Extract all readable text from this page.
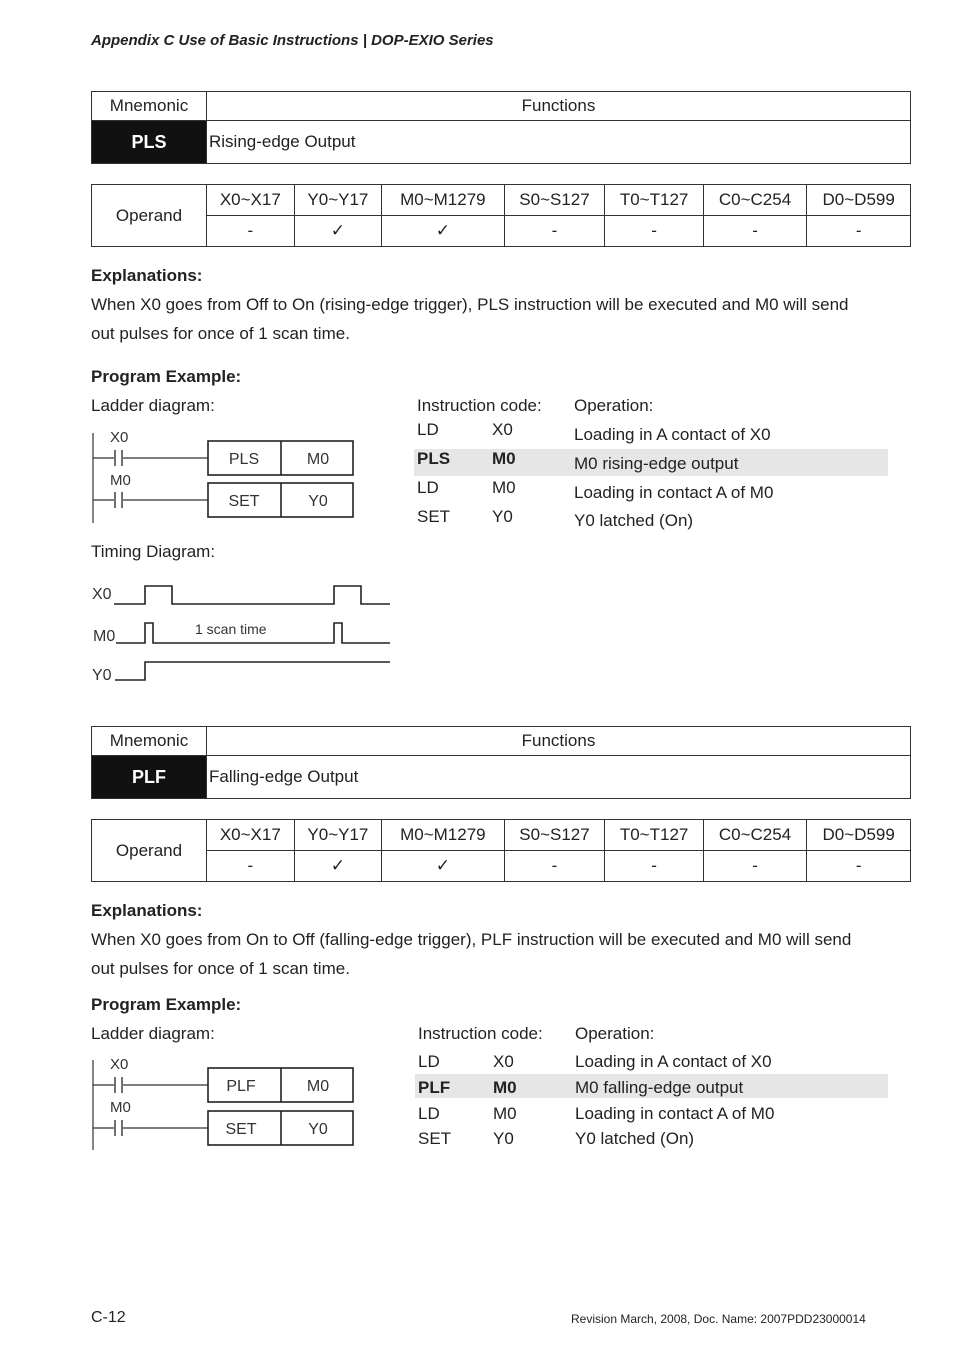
Appendix C Use of Basic Instructions | DOP-EXIO Series
Mnemonic	Functions
PLS	Rising-edge Output
Operand	X0~X17	Y0~Y17	M0~M1279	S0~S127	T0~T127	C0~C254	D0~D599
	-	✓	✓	-	-	-	-
Explanations:
When X0 goes from Off to On (rising-edge trigger), PLS instruction will be executed and M0 will send
out pulses for once of 1 scan time.
Program Example:
Ladder diagram:
X0
PLS	M0
M0
SET	Y0
Instruction code: Operation:
LD	X0	Loading in A contact of X0
PLS M0	M0 rising-edge output
LD	M0	Loading in contact A of M0
SET Y0	Y0 latched (On)
Timing Diagram:
X0
M0	1 scan time
Y0
Mnemonic	Functions
PLF	Falling-edge Output
Operand	X0~X17	Y0~Y17	M0~M1279	S0~S127	T0~T127	C0~C254	D0~D599
	-	✓	✓	-	-	-	-
Explanations:
When X0 goes from On to Off (falling-edge trigger), PLF instruction will be executed and M0 will send
out pulses for once of 1 scan time.
Program Example:
Ladder diagram:
X0
PLF	M0
M0
SET	Y0
Instruction code: Operation:
LD	X0	Loading in A contact of X0
PLF	M0	M0 falling-edge output
LD	M0	Loading in contact A of M0
SET Y0	Y0 latched (On)
C-12	Revision March, 2008, Doc. Name: 2007PDD23000014
